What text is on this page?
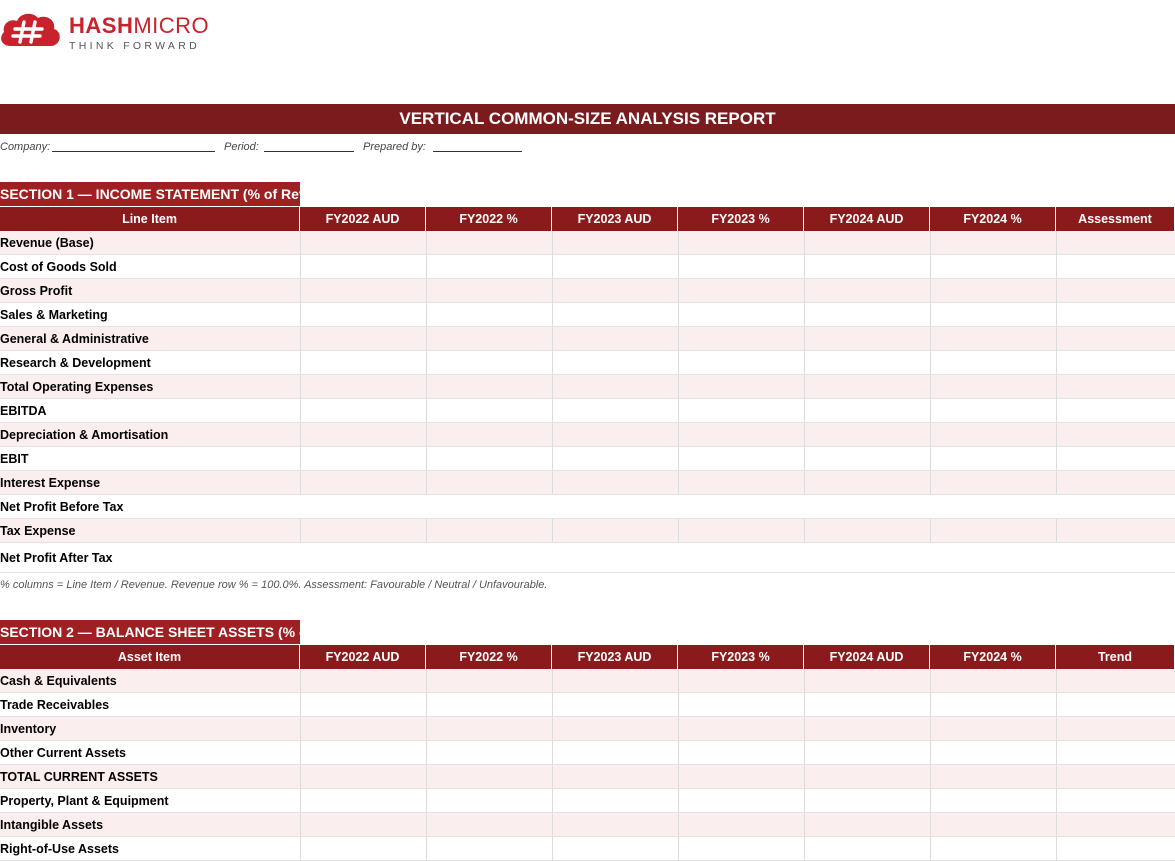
HASHMICRO
THINK FORWARD
VERTICAL COMMON-SIZE ANALYSIS REPORT
Company:	Period:	Prepared by:
SECTION 1 — INCOME STATEMENT (% of Revenue)
Line Item	FY2022 AUD	FY2022 %	FY2023 AUD	FY2023 %	FY2024 AUD	FY2024 %	Assessment
Revenue (Base)
Cost of Goods Sold
Gross Profit
Sales & Marketing
General & Administrative
Research & Development
Total Operating Expenses
EBITDA
Depreciation & Amortisation
EBIT
Interest Expense
Net Profit Before Tax
Tax Expense
Net Profit After Tax
% columns = Line Item / Revenue. Revenue row % = 100.0%. Assessment: Favourable / Neutral / Unfavourable.
SECTION 2 — BALANCE SHEET ASSETS (% of Total Assets)
Asset Item	FY2022 AUD	FY2022 %	FY2023 AUD	FY2023 %	FY2024 AUD	FY2024 %	Trend
Cash & Equivalents
Trade Receivables
Inventory
Other Current Assets
TOTAL CURRENT ASSETS
Property, Plant & Equipment
Intangible Assets
Right-of-Use Assets
